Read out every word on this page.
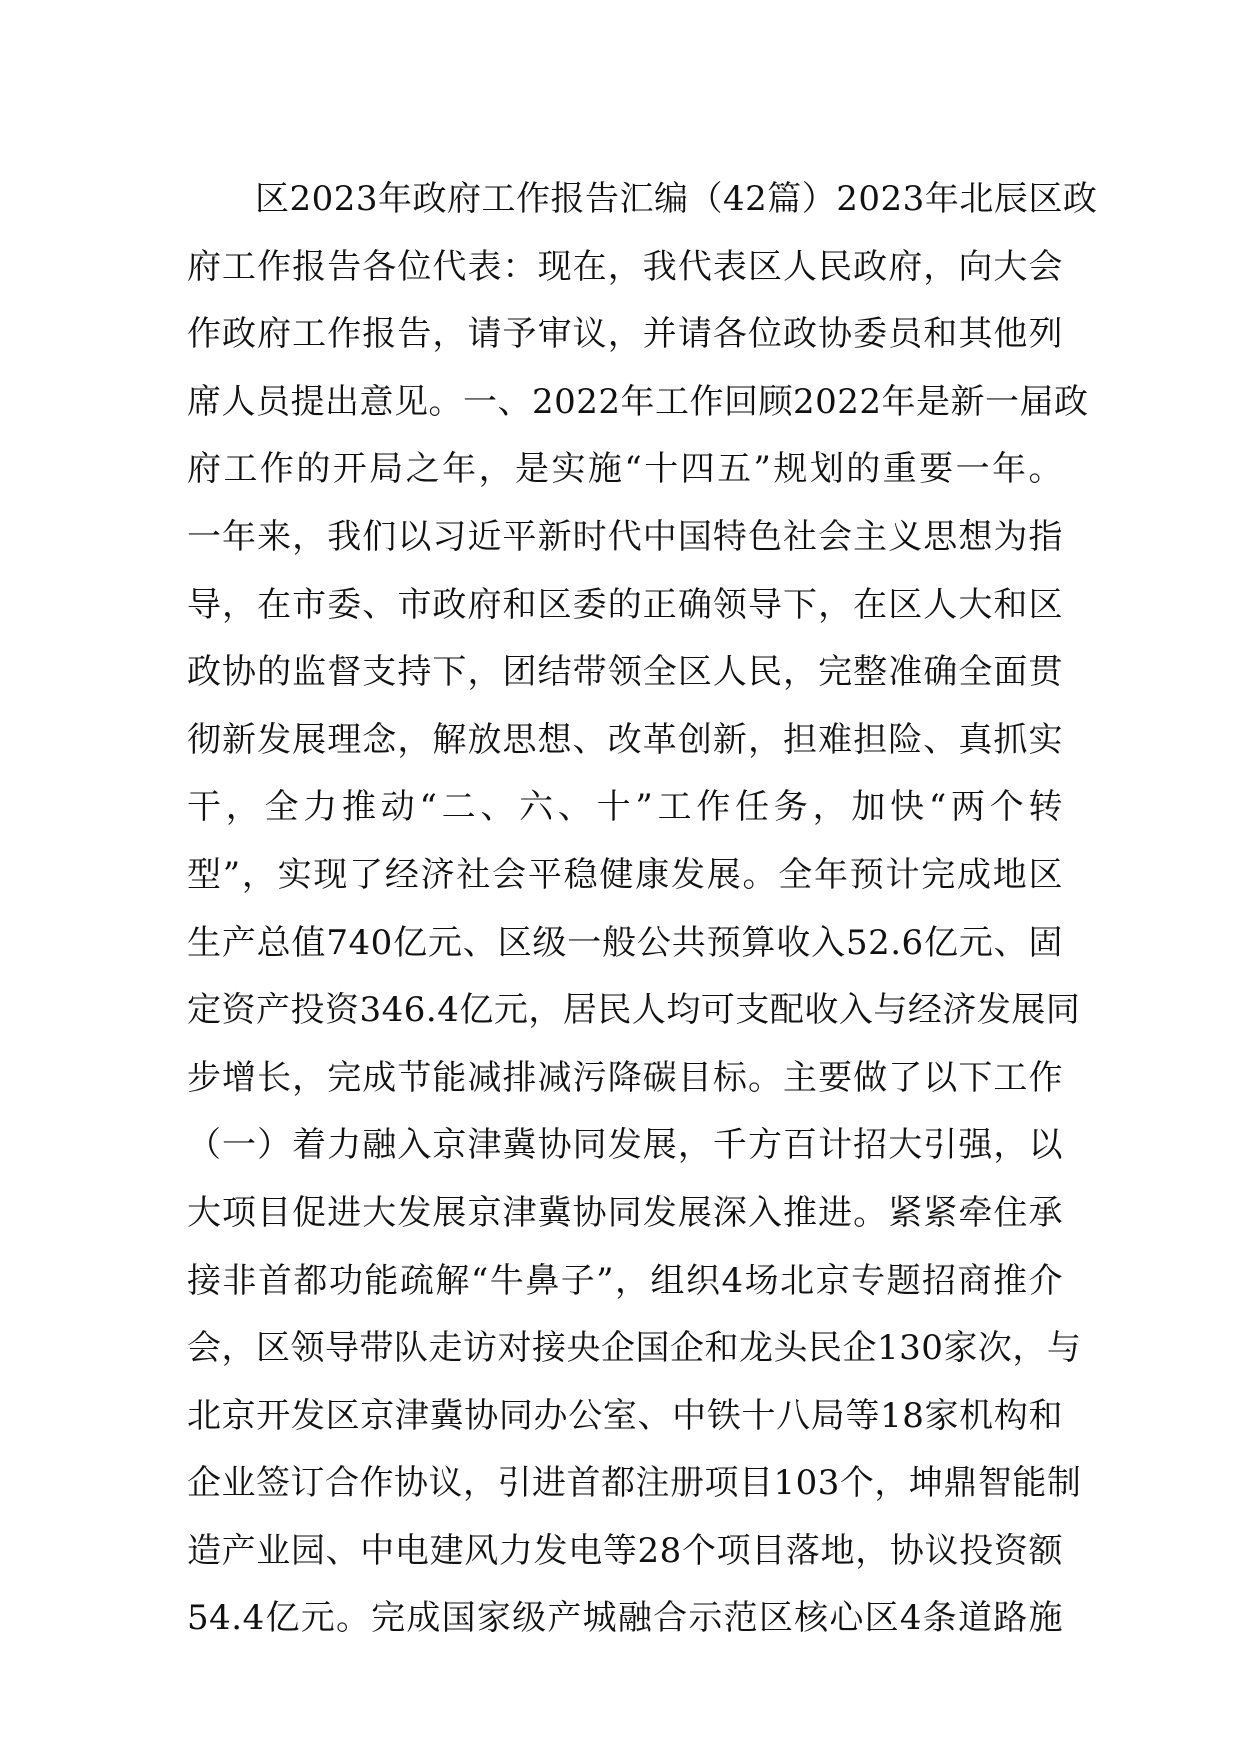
区2023年政府工作报告汇编（42篇）2023年北辰区政
府工作报告各位代表：现在，我代表区人民政府，向大会
作政府工作报告，请予审议，并请各位政协委员和其他列
席人员提出意见。一、2022年工作回顾2022年是新一届政
府工作的开局之年，是实施“十四五”规划的重要一年。
一年来，我们以习近平新时代中国特色社会主义思想为指
导，在市委、市政府和区委的正确领导下，在区人大和区
政协的监督支持下，团结带领全区人民，完整准确全面贯
彻新发展理念，解放思想、改革创新，担难担险、真抓实
干，全力推动“二、六、十”工作任务，加快“两个转
型”，实现了经济社会平稳健康发展。全年预计完成地区
生产总值740亿元、区级一般公共预算收入52.6亿元、固
定资产投资346.4亿元，居民人均可支配收入与经济发展同
步增长，完成节能减排减污降碳目标。主要做了以下工作
（一）着力融入京津冀协同发展，千方百计招大引强，以
大项目促进大发展京津冀协同发展深入推进。紧紧牵住承
接非首都功能疏解“牛鼻子”，组织4场北京专题招商推介
会，区领导带队走访对接央企国企和龙头民企130家次，与
北京开发区京津冀协同办公室、中铁十八局等18家机构和
企业签订合作协议，引进首都注册项目103个，坤鼎智能制
造产业园、中电建风力发电等28个项目落地，协议投资额
54.4亿元。完成国家级产城融合示范区核心区4条道路施
